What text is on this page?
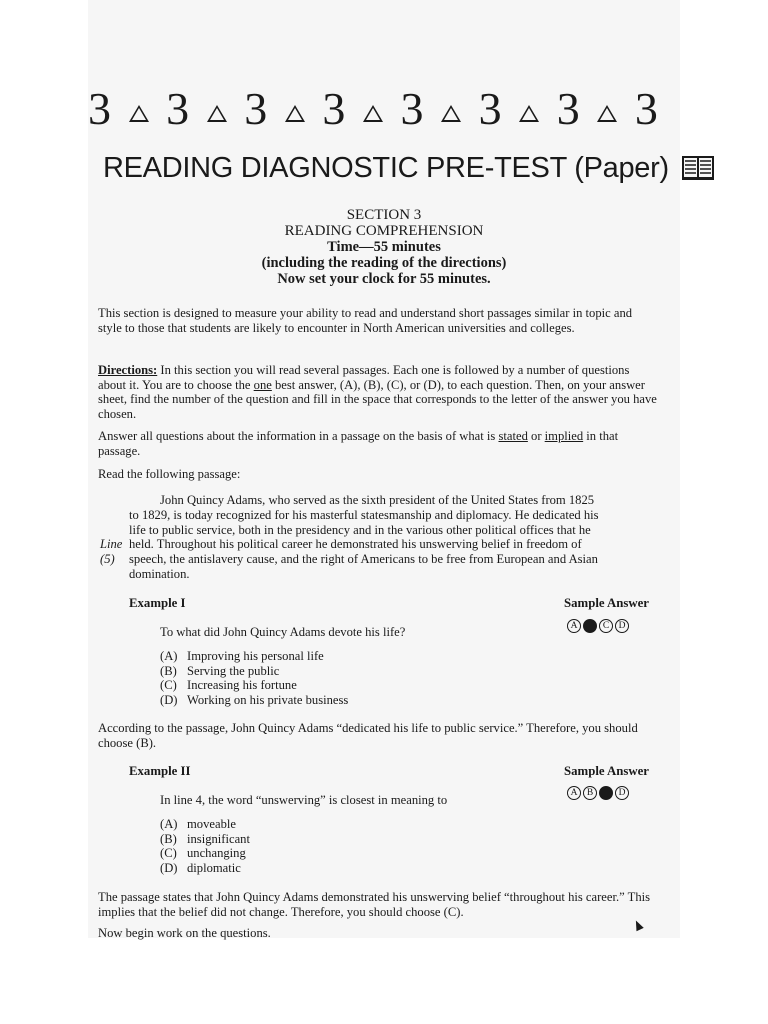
3 3 3 3 3 3 3 3
READING DIAGNOSTIC PRE-TEST (Paper)
SECTION 3
READING COMPREHENSION
Time—55 minutes
(including the reading of the directions)
Now set your clock for 55 minutes.
This section is designed to measure your ability to read and understand short passages similar in topic and style to those that students are likely to encounter in North American universities and colleges.
Directions: In this section you will read several passages. Each one is followed by a number of questions about it. You are to choose the one best answer, (A), (B), (C), or (D), to each question. Then, on your answer sheet, find the number of the question and fill in the space that corresponds to the letter of the answer you have chosen.
Answer all questions about the information in a passage on the basis of what is stated or implied in that passage.
Read the following passage:
John Quincy Adams, who served as the sixth president of the United States from 1825
to 1829, is today recognized for his masterful statesmanship and diplomacy. He dedicated his
life to public service, both in the presidency and in the various other political offices that he
Line held. Throughout his political career he demonstrated his unswerving belief in freedom of
(5) speech, the antislavery cause, and the right of Americans to be free from European and Asian
domination.
Example I	Sample Answer
To what did John Quincy Adams devote his life?	A	C D
(A) Improving his personal life
(B) Serving the public
(C) Increasing his fortune
(D) Working on his private business
According to the passage, John Quincy Adams “dedicated his life to public service.” Therefore, you should choose (B).
Example II	Sample Answer
In line 4, the word “unswerving” is closest in meaning to	A B	D
(A) moveable
(B) insignificant
(C) unchanging
(D) diplomatic
The passage states that John Quincy Adams demonstrated his unswerving belief “throughout his career.” This implies that the belief did not change. Therefore, you should choose (C).
